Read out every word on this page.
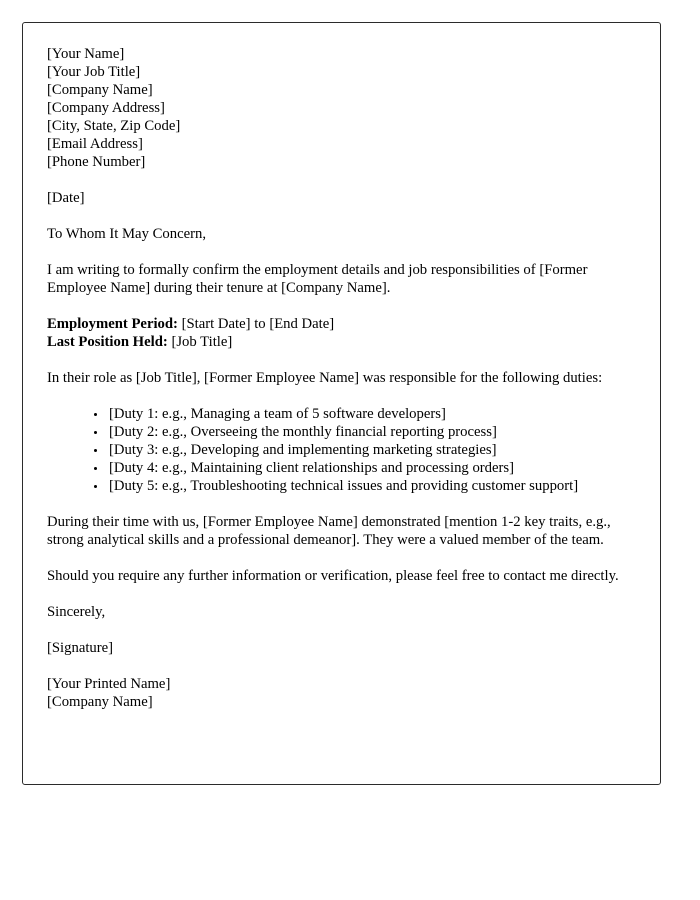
[Your Name]
[Your Job Title]
[Company Name]
[Company Address]
[City, State, Zip Code]
[Email Address]
[Phone Number]
[Date]
To Whom It May Concern,

I am writing to formally confirm the employment details and job responsibilities of [Former Employee Name] during their tenure at [Company Name].

Employment Period: [Start Date] to [End Date]
Last Position Held: [Job Title]

In their role as [Job Title], [Former Employee Name] was responsible for the following duties:

[Duty 1: e.g., Managing a team of 5 software developers]
[Duty 2: e.g., Overseeing the monthly financial reporting process]
[Duty 3: e.g., Developing and implementing marketing strategies]
[Duty 4: e.g., Maintaining client relationships and processing orders]
[Duty 5: e.g., Troubleshooting technical issues and providing customer support]

During their time with us, [Former Employee Name] demonstrated [mention 1-2 key traits, e.g., strong analytical skills and a professional demeanor]. They were a valued member of the team.

Should you require any further information or verification, please feel free to contact me directly.

Sincerely,
[Signature]
[Your Printed Name]
[Company Name]
